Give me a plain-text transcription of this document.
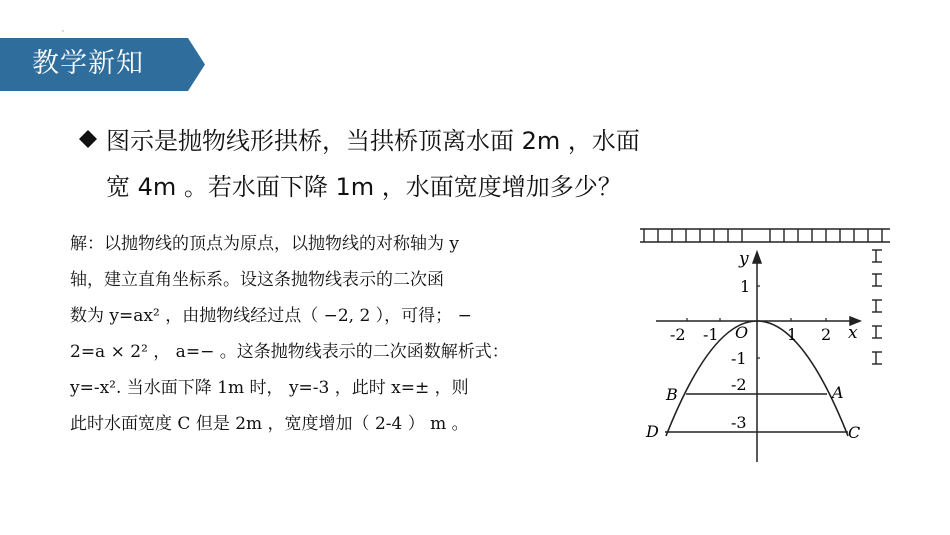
教学新知
图示是抛物线形拱桥，当拱桥顶离水面 2m ，水面
宽 4m 。若水面下降 1m ，水面宽度增加多少？
解：以抛物线的顶点为原点，以抛物线的对称轴为 y
轴，建立直角坐标系。设这条抛物线表示的二次函
数为 y=ax² ，由抛物线经过点（ −2, 2 ），可得； −
2=a × 2² ， a=− 。这条抛物线表示的二次函数解析式：
y=-x². 当水面下降 1m 时， y=-3 ，此时 x=± ，则
此时水面宽度 C 但是 2m ，宽度增加（ 2-4 ） m 。
y
x
O
-2 -1	1 2
1
-1
-2
-3
B	A
D	C
